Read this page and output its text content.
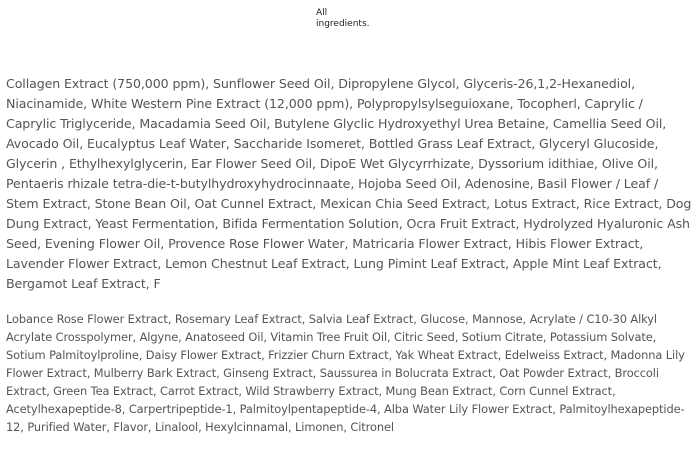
All
ingredients.

Collagen Extract (750,000 ppm), Sunflower Seed Oil, Dipropylene Glycol, Glyceris-26,1,2-Hexanediol, Niacinamide, White Western Pine Extract (12,000 ppm), Polypropylsylseguioxane, Tocopherl, Caprylic / Caprylic Triglyceride, Macadamia Seed Oil, Butylene Glyclic Hydroxyethyl Urea Betaine, Camellia Seed Oil, Avocado Oil, Eucalyptus Leaf Water, Saccharide Isomeret, Bottled Grass Leaf Extract, Glyceryl Glucoside, Glycerin , Ethylhexylglycerin, Ear Flower Seed Oil, DipoE Wet Glycyrrhizate, Dyssorium idithiae, Olive Oil, Pentaeris rhizale tetra-die-t-butylhydroxyhydrocinnaate, Hojoba Seed Oil, Adenosine, Basil Flower / Leaf / Stem Extract, Stone Bean Oil, Oat Cunnel Extract, Mexican Chia Seed Extract, Lotus Extract, Rice Extract, Dog Dung Extract, Yeast Fermentation, Bifida Fermentation Solution, Ocra Fruit Extract, Hydrolyzed Hyaluronic Ash Seed, Evening Flower Oil, Provence Rose Flower Water, Matricaria Flower Extract, Hibis Flower Extract, Lavender Flower Extract, Lemon Chestnut Leaf Extract, Lung Pimint Leaf Extract, Apple Mint Leaf Extract, Bergamot Leaf Extract, F

Lobance Rose Flower Extract, Rosemary Leaf Extract, Salvia Leaf Extract, Glucose, Mannose, Acrylate / C10-30 Alkyl Acrylate Crosspolymer, Algyne, Anatoseed Oil, Vitamin Tree Fruit Oil, Citric Seed, Sotium Citrate, Potassium Solvate, Sotium Palmitoylproline, Daisy Flower Extract, Frizzier Churn Extract, Yak Wheat Extract, Edelweiss Extract, Madonna Lily Flower Extract, Mulberry Bark Extract, Ginseng Extract, Saussurea in Bolucrata Extract, Oat Powder Extract, Broccoli Extract, Green Tea Extract, Carrot Extract, Wild Strawberry Extract, Mung Bean Extract, Corn Cunnel Extract, Acetylhexapeptide-8, Carpertripeptide-1, Palmitoylpentapeptide-4, Alba Water Lily Flower Extract, Palmitoylhexapeptide-12, Purified Water, Flavor, Linalool, Hexylcinnamal, Limonen, Citronel
